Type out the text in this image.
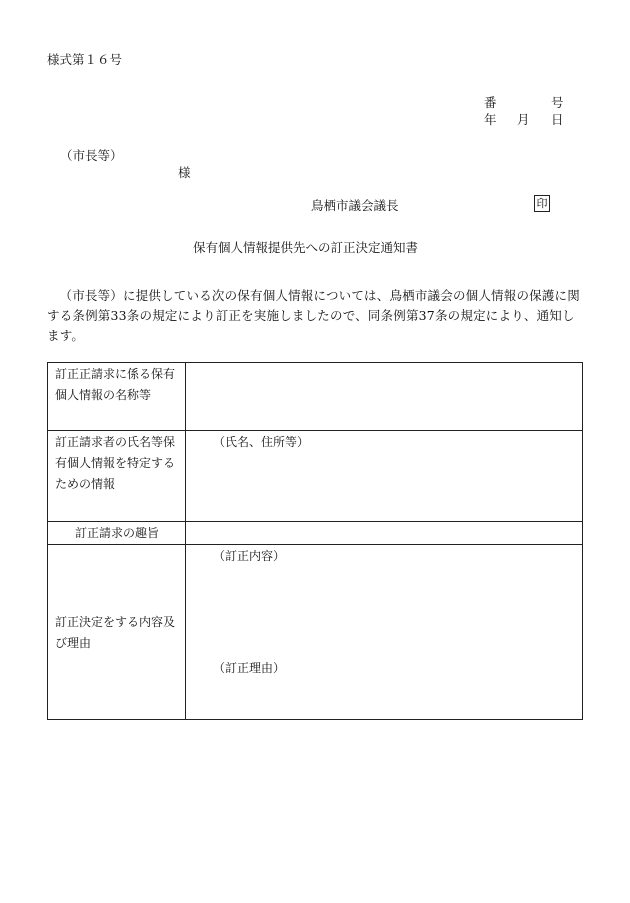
様式第１６号
番	号
年 月 日
（市長等）
様
鳥栖市議会議長	印
保有個人情報提供先への訂正決定通知書
（市長等）に提供している次の保有個人情報については、鳥栖市議会の個人情報の保護に関する条例第33条の規定により訂正を実施しましたので、同条例第37条の規定により、通知します。
訂正正請求に係る保有個人情報の名称等	
訂正請求者の氏名等保有個人情報を特定するための情報	（氏名、住所等）
訂正請求の趣旨	
訂正決定をする内容及び理由	（訂正内容）
（訂正理由）
